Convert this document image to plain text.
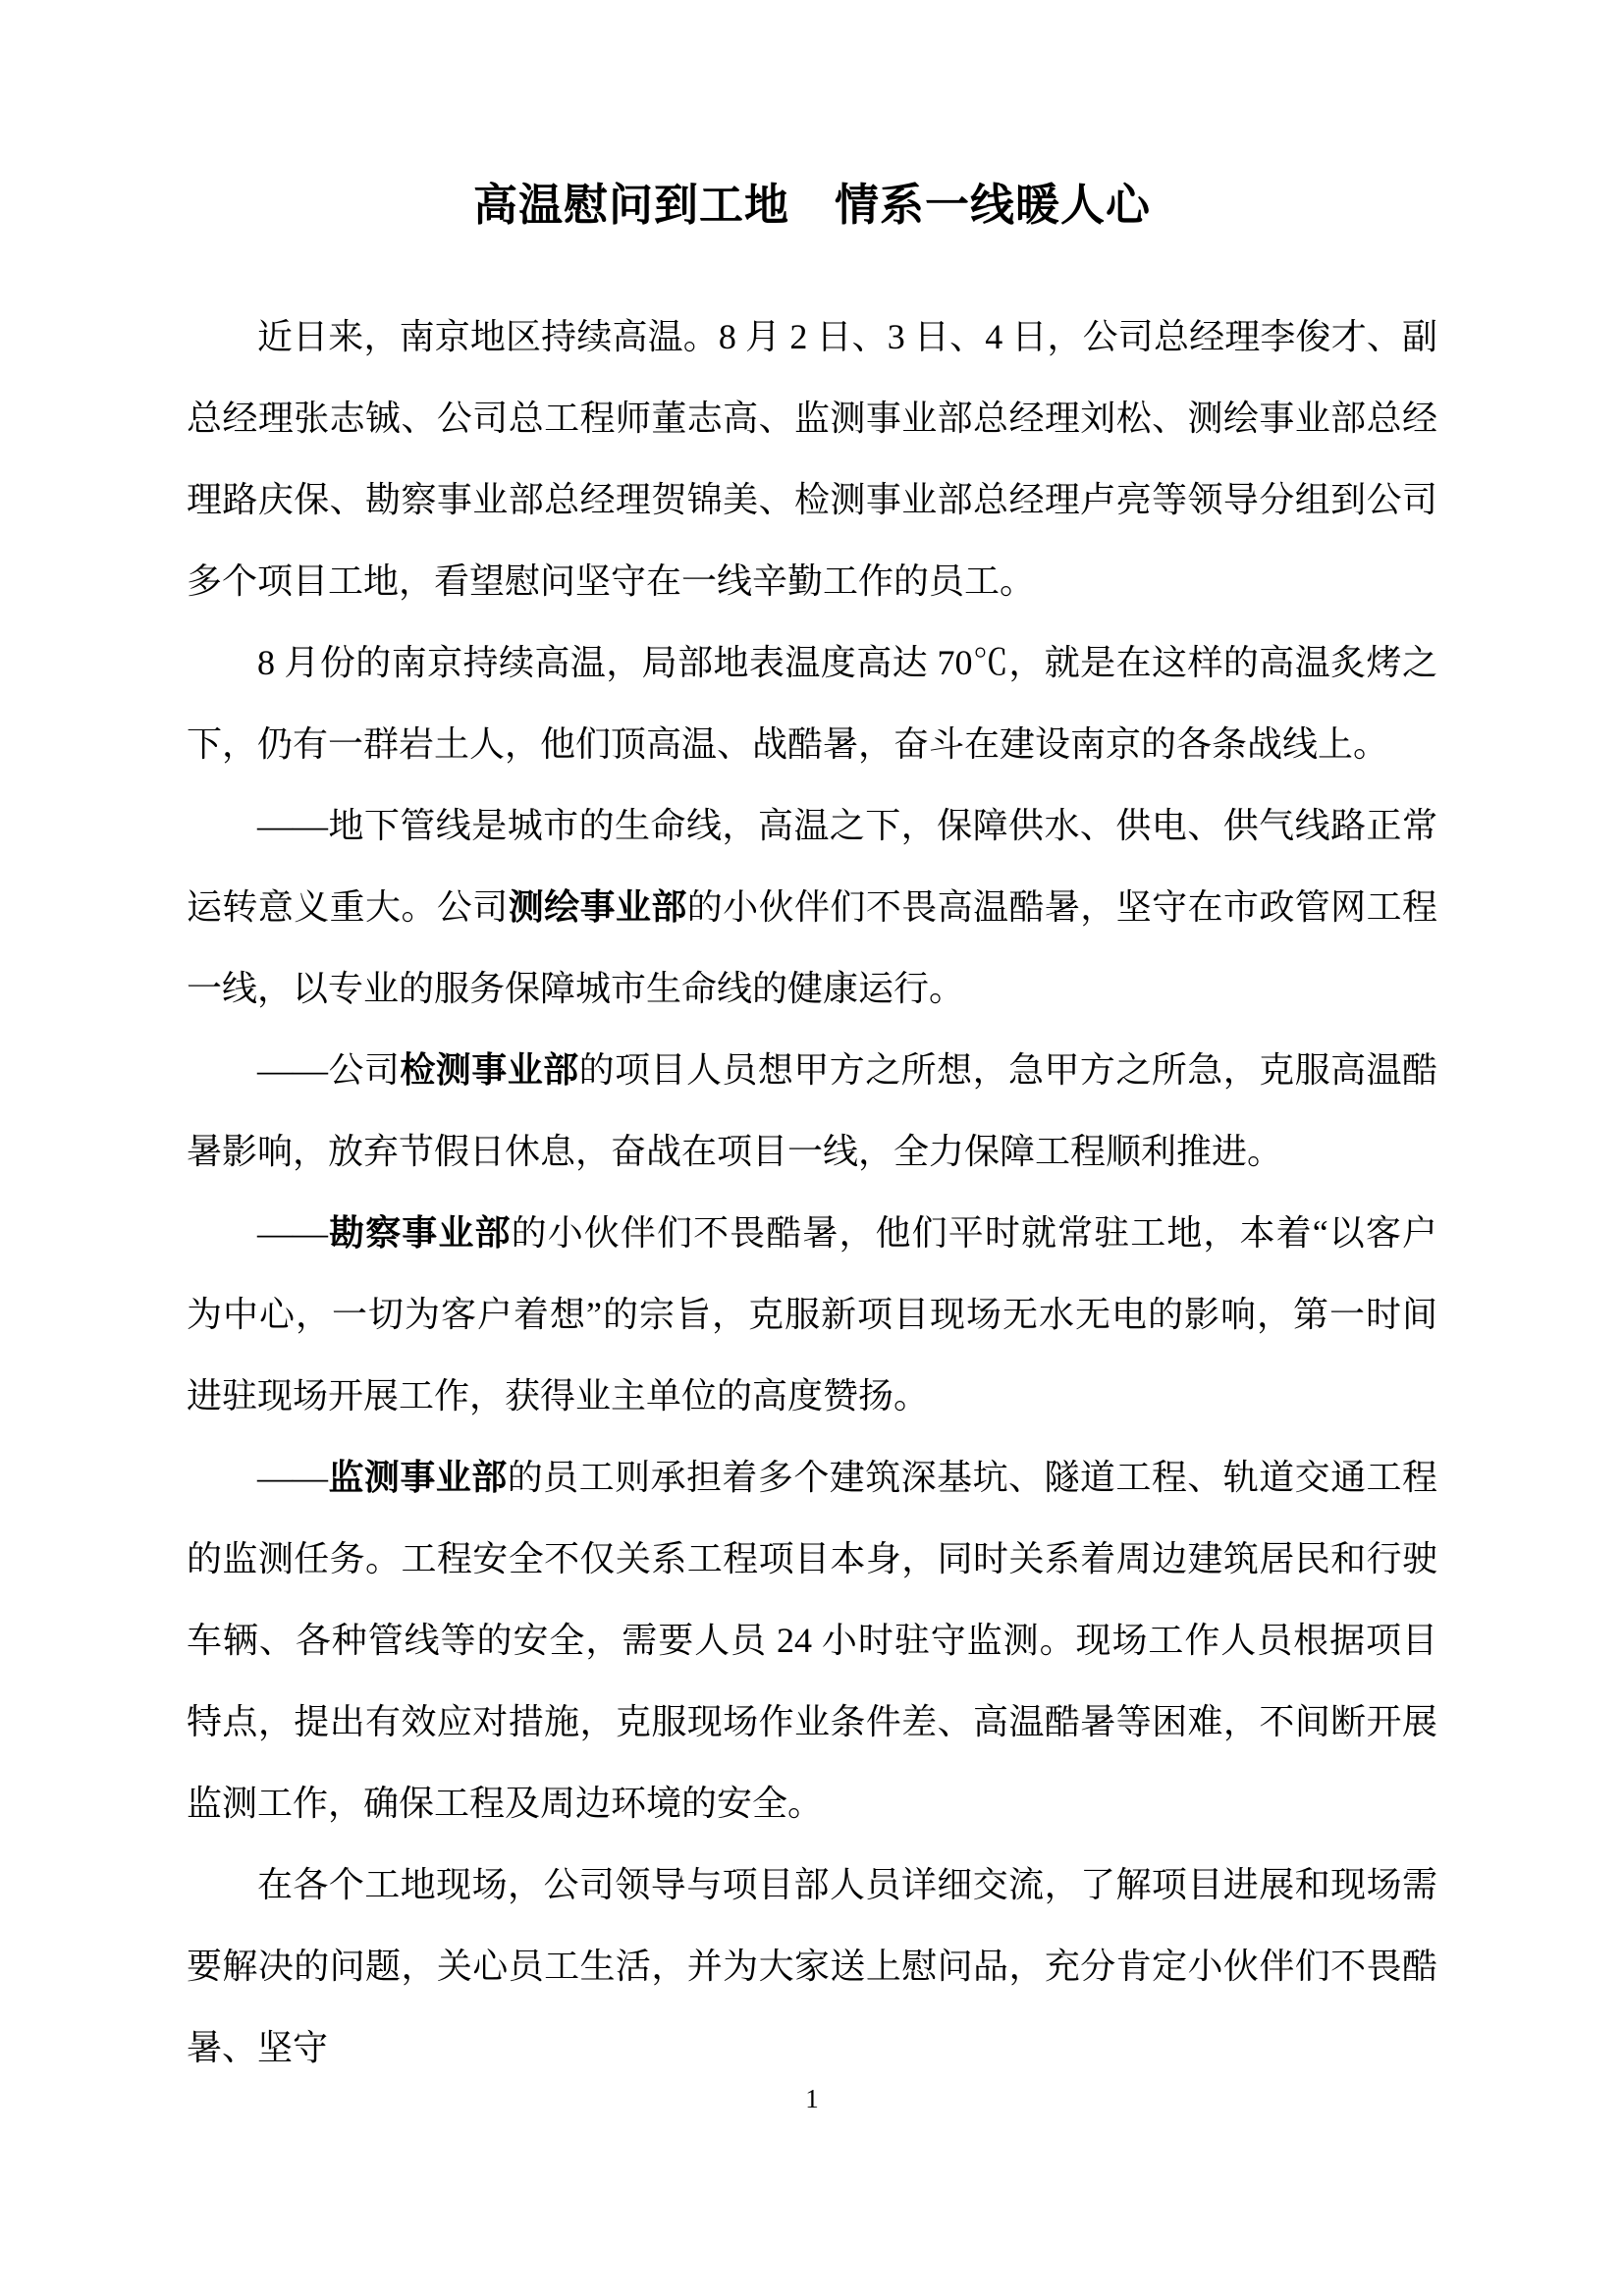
高温慰问到工地　情系一线暖人心

近日来，南京地区持续高温。8 月 2 日、3 日、4 日，公司总经理李俊才、副总经理张志铖、公司总工程师董志高、监测事业部总经理刘松、测绘事业部总经理路庆保、勘察事业部总经理贺锦美、检测事业部总经理卢亮等领导分组到公司多个项目工地，看望慰问坚守在一线辛勤工作的员工。

8 月份的南京持续高温，局部地表温度高达 70℃，就是在这样的高温炙烤之下，仍有一群岩土人，他们顶高温、战酷暑，奋斗在建设南京的各条战线上。

——地下管线是城市的生命线，高温之下，保障供水、供电、供气线路正常运转意义重大。公司测绘事业部的小伙伴们不畏高温酷暑，坚守在市政管网工程一线，以专业的服务保障城市生命线的健康运行。

——公司检测事业部的项目人员想甲方之所想，急甲方之所急，克服高温酷暑影响，放弃节假日休息，奋战在项目一线，全力保障工程顺利推进。

——勘察事业部的小伙伴们不畏酷暑，他们平时就常驻工地，本着“以客户为中心，一切为客户着想”的宗旨，克服新项目现场无水无电的影响，第一时间进驻现场开展工作，获得业主单位的高度赞扬。

——监测事业部的员工则承担着多个建筑深基坑、隧道工程、轨道交通工程的监测任务。工程安全不仅关系工程项目本身，同时关系着周边建筑居民和行驶车辆、各种管线等的安全，需要人员 24 小时驻守监测。现场工作人员根据项目特点，提出有效应对措施，克服现场作业条件差、高温酷暑等困难，不间断开展监测工作，确保工程及周边环境的安全。

在各个工地现场，公司领导与项目部人员详细交流，了解项目进展和现场需要解决的问题，关心员工生活，并为大家送上慰问品，充分肯定小伙伴们不畏酷暑、坚守

1
